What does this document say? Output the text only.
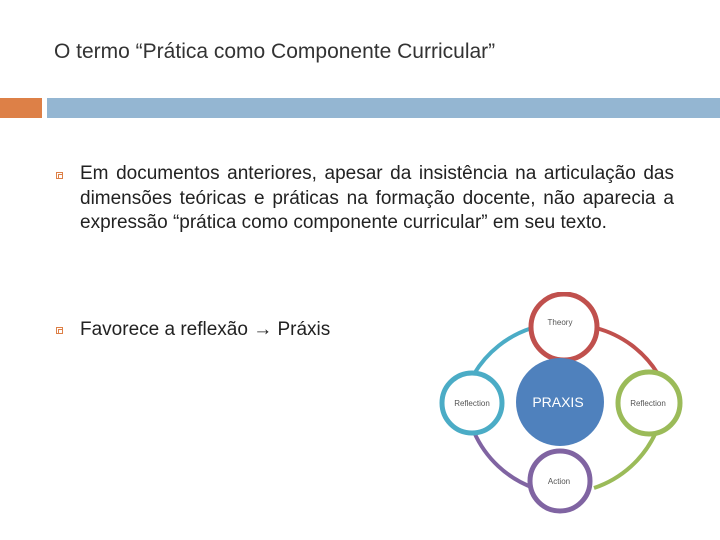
O termo “Prática como Componente Curricular”
Em documentos anteriores, apesar da insistência na articulação das dimensões teóricas e práticas na formação docente, não aparecia a expressão “prática como componente curricular” em seu texto.
Favorece a reflexão → Práxis	Theory
Reflection
Action
Reflection	PRAXIS
